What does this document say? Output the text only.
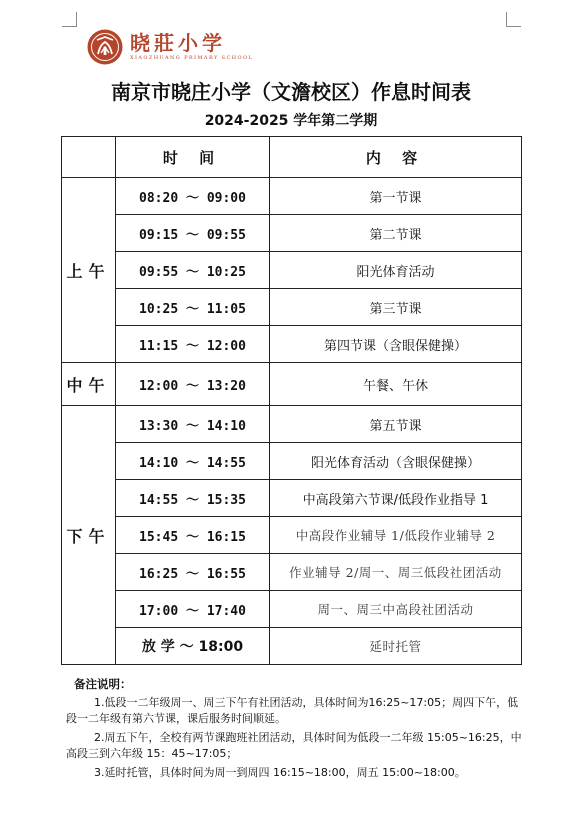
晓莊小学
XIAOZHUANG PRIMARY SCHOOL
南京市晓庄小学（文澹校区）作息时间表
2024-2025 学年第二学期
	时 间	内 容
上午	08:20 ～ 09:00	第一节课
	09:15 ～ 09:55	第二节课
	09:55 ～ 10:25	阳光体育活动
	10:25 ～ 11:05	第三节课
	11:15 ～ 12:00	第四节课（含眼保健操）
中午	12:00 ～ 13:20	午餐、午休
下午	13:30 ～ 14:10	第五节课
	14:10 ～ 14:55	阳光体育活动（含眼保健操）
	14:55 ～ 15:35	中高段第六节课/低段作业指导 1
	15:45 ～ 16:15	中高段作业辅导 1/低段作业辅导 2
	16:25 ～ 16:55	作业辅导 2/周一、周三低段社团活动
	17:00 ～ 17:40	周一、周三中高段社团活动
	放 学 ～ 18:00	延时托管
备注说明：
1.低段一二年级周一、周三下午有社团活动，具体时间为16:25~17:05；周四下午，低段一二年级有第六节课，课后服务时间顺延。
2.周五下午，全校有两节课跑班社团活动，具体时间为低段一二年级 15:05~16:25，中高段三到六年级 15：45~17:05；
3.延时托管，具体时间为周一到周四 16:15~18:00，周五 15:00~18:00。
